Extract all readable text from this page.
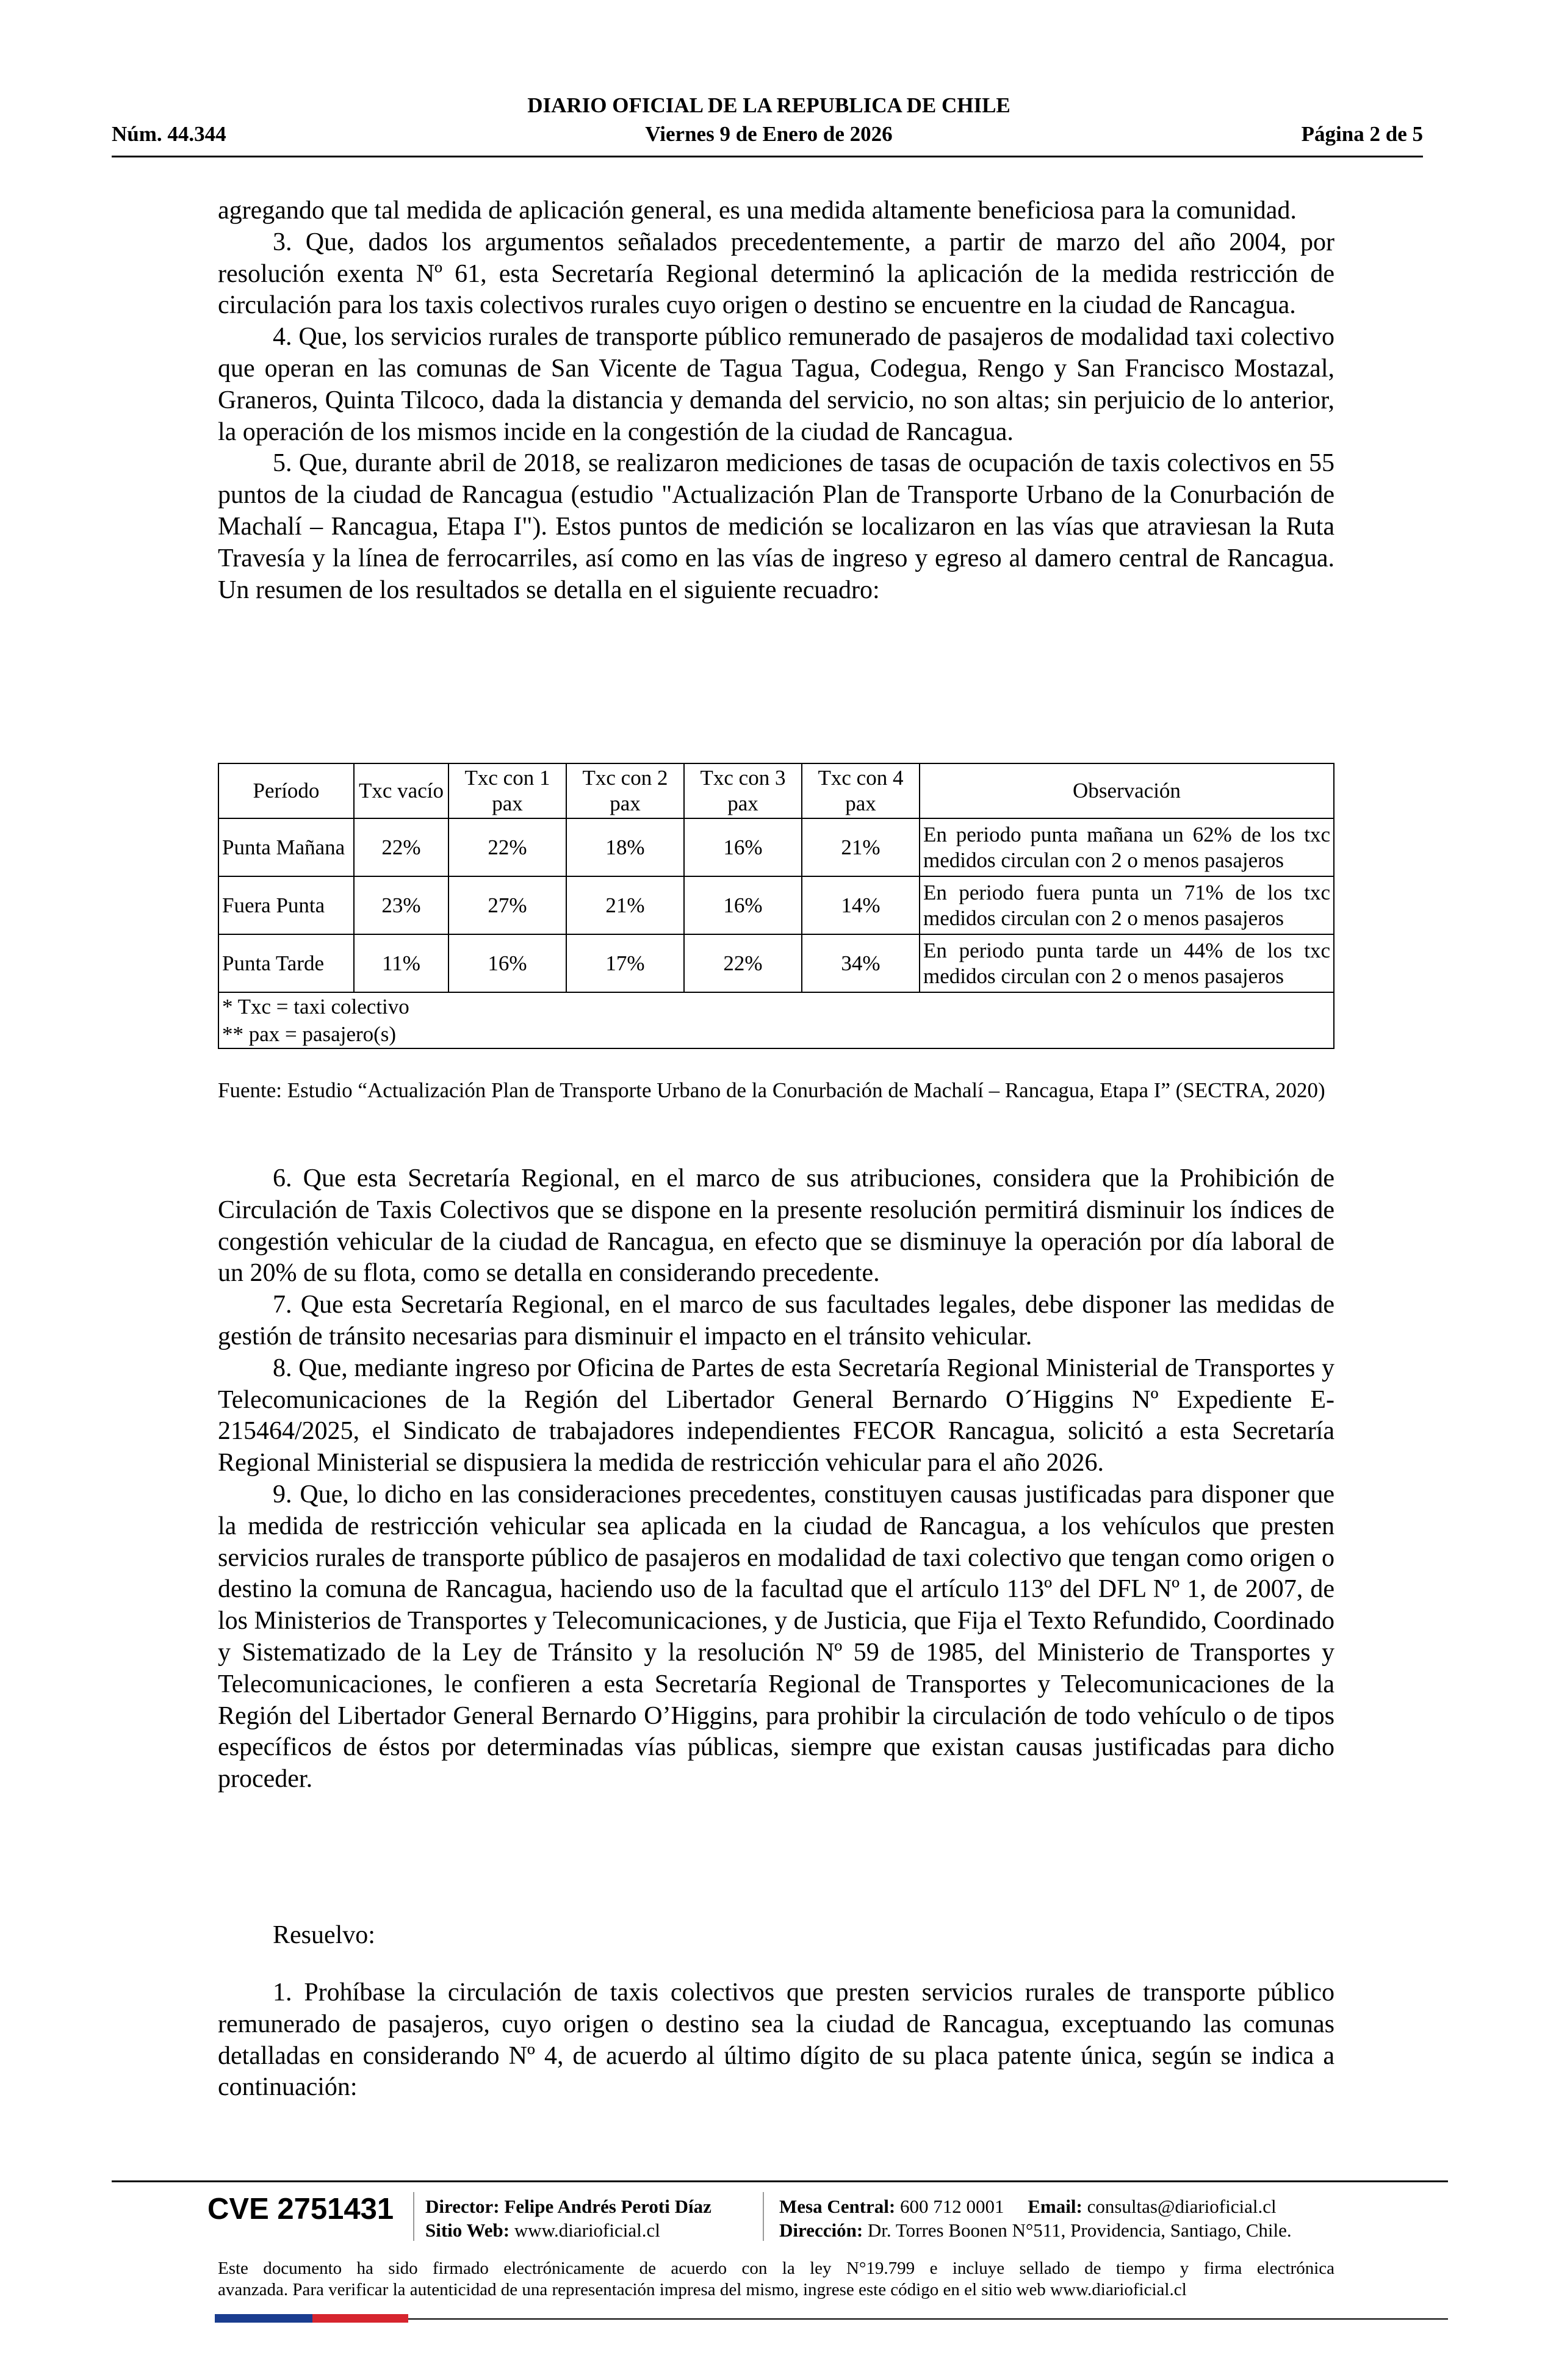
DIARIO OFICIAL DE LA REPUBLICA DE CHILE
Núm. 44.344	Viernes 9 de Enero de 2026	Página 2 de 5

agregando que tal medida de aplicación general, es una medida altamente beneficiosa para la comunidad.

3. Que, dados los argumentos señalados precedentemente, a partir de marzo del año 2004, por resolución exenta Nº 61, esta Secretaría Regional determinó la aplicación de la medida restricción de circulación para los taxis colectivos rurales cuyo origen o destino se encuentre en la ciudad de Rancagua.

4. Que, los servicios rurales de transporte público remunerado de pasajeros de modalidad taxi colectivo que operan en las comunas de San Vicente de Tagua Tagua, Codegua, Rengo y San Francisco Mostazal, Graneros, Quinta Tilcoco, dada la distancia y demanda del servicio, no son altas; sin perjuicio de lo anterior, la operación de los mismos incide en la congestión de la ciudad de Rancagua.

5. Que, durante abril de 2018, se realizaron mediciones de tasas de ocupación de taxis colectivos en 55 puntos de la ciudad de Rancagua (estudio "Actualización Plan de Transporte Urbano de la Conurbación de Machalí – Rancagua, Etapa I"). Estos puntos de medición se localizaron en las vías que atraviesan la Ruta Travesía y la línea de ferrocarriles, así como en las vías de ingreso y egreso al damero central de Rancagua. Un resumen de los resultados se detalla en el siguiente recuadro:

Período	Txc vacío	Txc con 1 pax	Txc con 2 pax	Txc con 3 pax	Txc con 4 pax	Observación
Punta Mañana	22%	22%	18%	16%	21%	En periodo punta mañana un 62% de los txc medidos circulan con 2 o menos pasajeros
Fuera Punta	23%	27%	21%	16%	14%	En periodo fuera punta un 71% de los txc medidos circulan con 2 o menos pasajeros
Punta Tarde	11%	16%	17%	22%	34%	En periodo punta tarde un 44% de los txc medidos circulan con 2 o menos pasajeros

* Txc = taxi colectivo
** pax = pasajero(s)						
Fuente: Estudio “Actualización Plan de Transporte Urbano de la Conurbación de Machalí – Rancagua, Etapa I” (SECTRA, 2020)

6. Que esta Secretaría Regional, en el marco de sus atribuciones, considera que la Prohibición de Circulación de Taxis Colectivos que se dispone en la presente resolución permitirá disminuir los índices de congestión vehicular de la ciudad de Rancagua, en efecto que se disminuye la operación por día laboral de un 20% de su flota, como se detalla en considerando precedente.

7. Que esta Secretaría Regional, en el marco de sus facultades legales, debe disponer las medidas de gestión de tránsito necesarias para disminuir el impacto en el tránsito vehicular.

8. Que, mediante ingreso por Oficina de Partes de esta Secretaría Regional Ministerial de Transportes y Telecomunicaciones de la Región del Libertador General Bernardo O´Higgins Nº Expediente E-215464/2025, el Sindicato de trabajadores independientes FECOR Rancagua, solicitó a esta Secretaría Regional Ministerial se dispusiera la medida de restricción vehicular para el año 2026.

9. Que, lo dicho en las consideraciones precedentes, constituyen causas justificadas para disponer que la medida de restricción vehicular sea aplicada en la ciudad de Rancagua, a los vehículos que presten servicios rurales de transporte público de pasajeros en modalidad de taxi colectivo que tengan como origen o destino la comuna de Rancagua, haciendo uso de la facultad que el artículo 113º del DFL Nº 1, de 2007, de los Ministerios de Transportes y Telecomunicaciones, y de Justicia, que Fija el Texto Refundido, Coordinado y Sistematizado de la Ley de Tránsito y la resolución Nº 59 de 1985, del Ministerio de Transportes y Telecomunicaciones, le confieren a esta Secretaría Regional de Transportes y Telecomunicaciones de la Región del Libertador General Bernardo O’Higgins, para prohibir la circulación de todo vehículo o de tipos específicos de éstos por determinadas vías públicas, siempre que existan causas justificadas para dicho proceder.

Resuelvo:

1. Prohíbase la circulación de taxis colectivos que presten servicios rurales de transporte público remunerado de pasajeros, cuyo origen o destino sea la ciudad de Rancagua, exceptuando las comunas detalladas en considerando Nº 4, de acuerdo al último dígito de su placa patente única, según se indica a continuación:

CVE 2751431 Director: Felipe Andrés Peroti Díaz
Sitio Web: www.diarioficial.cl
Mesa Central: 600 712 0001 Email: consultas@diarioficial.cl
Dirección: Dr. Torres Boonen N°511, Providencia, Santiago, Chile.
Este documento ha sido firmado electrónicamente de acuerdo con la ley N°19.799 e incluye sellado de tiempo y firma electrónica
avanzada. Para verificar la autenticidad de una representación impresa del mismo, ingrese este código en el sitio web www.diarioficial.cl
